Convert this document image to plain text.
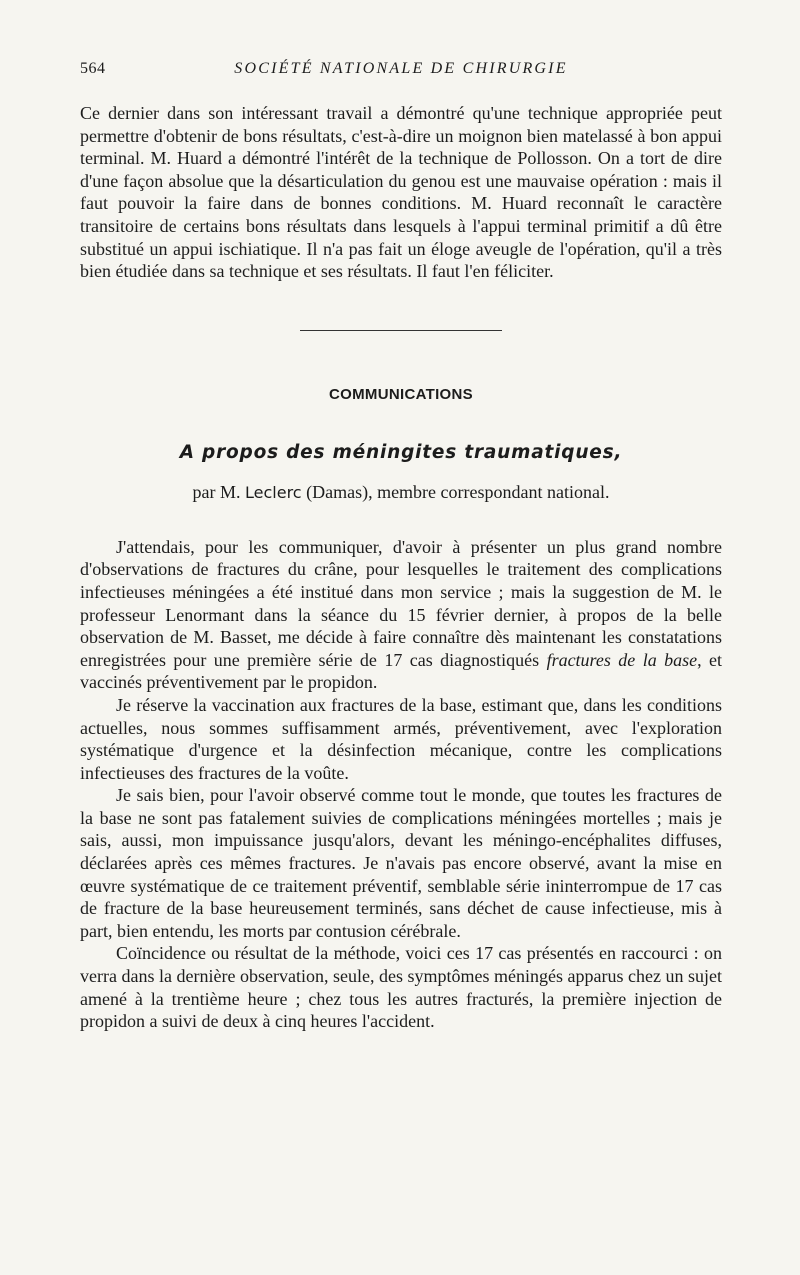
564	SOCIÉTÉ NATIONALE DE CHIRURGIE

Ce dernier dans son intéressant travail a démontré qu'une technique appropriée peut permettre d'obtenir de bons résultats, c'est-à-dire un moignon bien matelassé à bon appui terminal. M. Huard a démontré l'intérêt de la technique de Pollosson. On a tort de dire d'une façon absolue que la désarticulation du genou est une mauvaise opération : mais il faut pouvoir la faire dans de bonnes conditions. M. Huard reconnaît le caractère transitoire de certains bons résultats dans lesquels à l'appui terminal primitif a dû être substitué un appui ischiatique. Il n'a pas fait un éloge aveugle de l'opération, qu'il a très bien étudiée dans sa technique et ses résultats. Il faut l'en féliciter.

COMMUNICATIONS
A propos des méningites traumatiques,
par M. Leclerc (Damas), membre correspondant national.

J'attendais, pour les communiquer, d'avoir à présenter un plus grand nombre d'observations de fractures du crâne, pour lesquelles le traitement des complications infectieuses méningées a été institué dans mon service ; mais la suggestion de M. le professeur Lenormant dans la séance du 15 février dernier, à propos de la belle observation de M. Basset, me décide à faire connaître dès maintenant les constatations enregistrées pour une première série de 17 cas diagnostiqués fractures de la base, et vaccinés préventivement par le propidon.

Je réserve la vaccination aux fractures de la base, estimant que, dans les conditions actuelles, nous sommes suffisamment armés, préventivement, avec l'exploration systématique d'urgence et la désinfection mécanique, contre les complications infectieuses des fractures de la voûte.

Je sais bien, pour l'avoir observé comme tout le monde, que toutes les fractures de la base ne sont pas fatalement suivies de complications méningées mortelles ; mais je sais, aussi, mon impuissance jusqu'alors, devant les méningo-encéphalites diffuses, déclarées après ces mêmes fractures. Je n'avais pas encore observé, avant la mise en œuvre systématique de ce traitement préventif, semblable série ininterrompue de 17 cas de fracture de la base heureusement terminés, sans déchet de cause infectieuse, mis à part, bien entendu, les morts par contusion cérébrale.

Coïncidence ou résultat de la méthode, voici ces 17 cas présentés en raccourci : on verra dans la dernière observation, seule, des symptômes méningés apparus chez un sujet amené à la trentième heure ; chez tous les autres fracturés, la première injection de propidon a suivi de deux à cinq heures l'accident.
